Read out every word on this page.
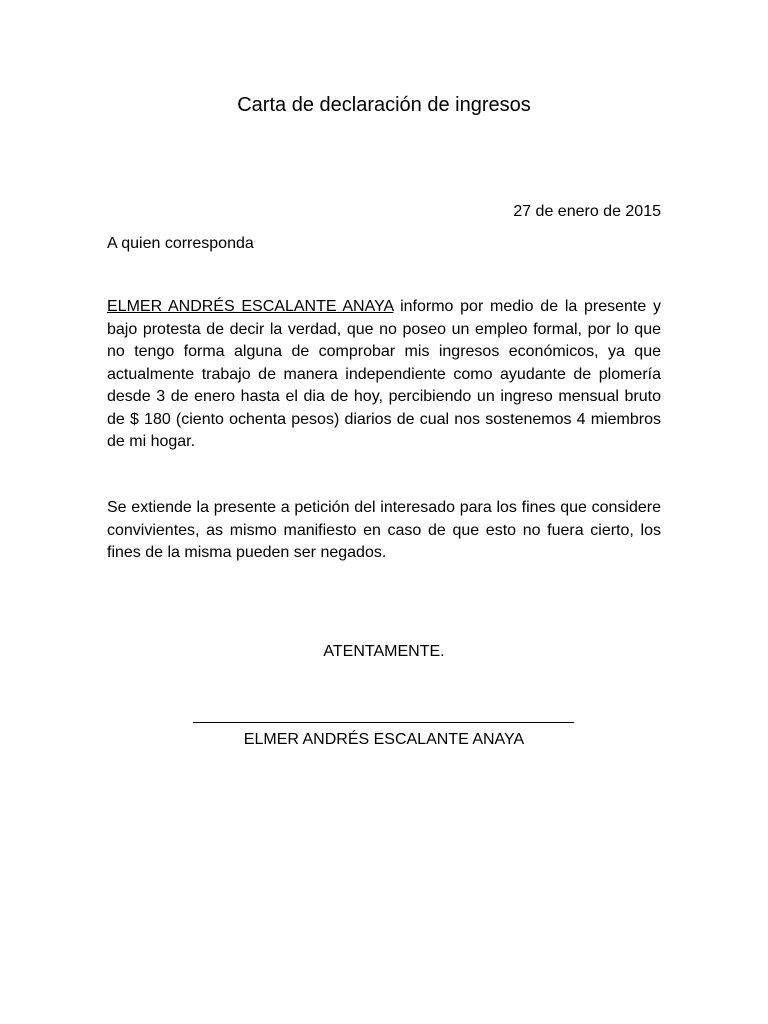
Carta de declaración de ingresos
27 de enero de 2015
A quien corresponda

ELMER ANDRÉS ESCALANTE ANAYA informo por medio de la presente y bajo protesta de decir la verdad, que no poseo un empleo formal, por lo que no tengo forma alguna de comprobar mis ingresos económicos, ya que actualmente trabajo de manera independiente como ayudante de plomería desde 3 de enero hasta el dia de hoy, percibiendo un ingreso mensual bruto de $ 180 (ciento ochenta pesos) diarios de cual nos sostenemos 4 miembros de mi hogar.

Se extiende la presente a petición del interesado para los fines que considere convivientes, as mismo manifiesto en caso de que esto no fuera cierto, los fines de la misma pueden ser negados.

ATENTAMENTE.
ELMER ANDRÉS ESCALANTE ANAYA
